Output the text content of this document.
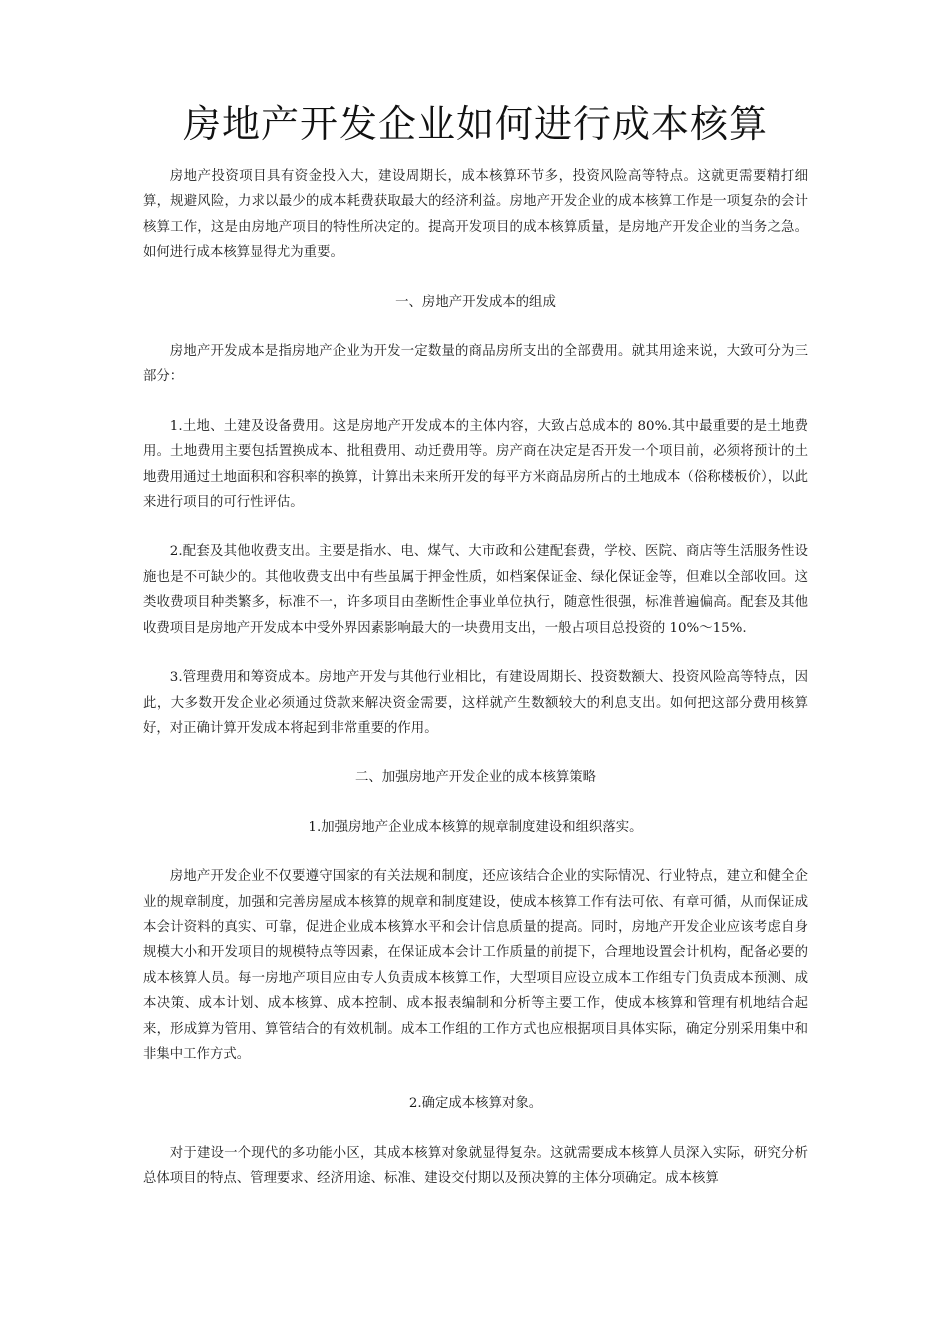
房地产开发企业如何进行成本核算

房地产投资项目具有资金投入大，建设周期长，成本核算环节多，投资风险高等特点。这就更需要精打细算，规避风险，力求以最少的成本耗费获取最大的经济利益。房地产开发企业的成本核算工作是一项复杂的会计核算工作，这是由房地产项目的特性所决定的。提高开发项目的成本核算质量，是房地产开发企业的当务之急。如何进行成本核算显得尤为重要。

一、房地产开发成本的组成

房地产开发成本是指房地产企业为开发一定数量的商品房所支出的全部费用。就其用途来说，大致可分为三部分：

1.土地、土建及设备费用。这是房地产开发成本的主体内容，大致占总成本的 80%.其中最重要的是土地费用。土地费用主要包括置换成本、批租费用、动迁费用等。房产商在决定是否开发一个项目前，必须将预计的土地费用通过土地面积和容积率的换算，计算出未来所开发的每平方米商品房所占的土地成本（俗称楼板价），以此来进行项目的可行性评估。

2.配套及其他收费支出。主要是指水、电、煤气、大市政和公建配套费，学校、医院、商店等生活服务性设施也是不可缺少的。其他收费支出中有些虽属于押金性质，如档案保证金、绿化保证金等，但难以全部收回。这类收费项目种类繁多，标准不一，许多项目由垄断性企事业单位执行，随意性很强，标准普遍偏高。配套及其他收费项目是房地产开发成本中受外界因素影响最大的一块费用支出，一般占项目总投资的 10%～15%.

3.管理费用和筹资成本。房地产开发与其他行业相比，有建设周期长、投资数额大、投资风险高等特点，因此，大多数开发企业必须通过贷款来解决资金需要，这样就产生数额较大的利息支出。如何把这部分费用核算好，对正确计算开发成本将起到非常重要的作用。

二、加强房地产开发企业的成本核算策略

1.加强房地产企业成本核算的规章制度建设和组织落实。

房地产开发企业不仅要遵守国家的有关法规和制度，还应该结合企业的实际情况、行业特点，建立和健全企业的规章制度，加强和完善房屋成本核算的规章和制度建设，使成本核算工作有法可依、有章可循，从而保证成本会计资料的真实、可靠，促进企业成本核算水平和会计信息质量的提高。同时，房地产开发企业应该考虑自身规模大小和开发项目的规模特点等因素，在保证成本会计工作质量的前提下，合理地设置会计机构，配备必要的成本核算人员。每一房地产项目应由专人负责成本核算工作，大型项目应设立成本工作组专门负责成本预测、成本决策、成本计划、成本核算、成本控制、成本报表编制和分析等主要工作，使成本核算和管理有机地结合起来，形成算为管用、算管结合的有效机制。成本工作组的工作方式也应根据项目具体实际，确定分别采用集中和非集中工作方式。

2.确定成本核算对象。

对于建设一个现代的多功能小区，其成本核算对象就显得复杂。这就需要成本核算人员深入实际，研究分析总体项目的特点、管理要求、经济用途、标准、建设交付期以及预决算的主体分项确定。成本核算
